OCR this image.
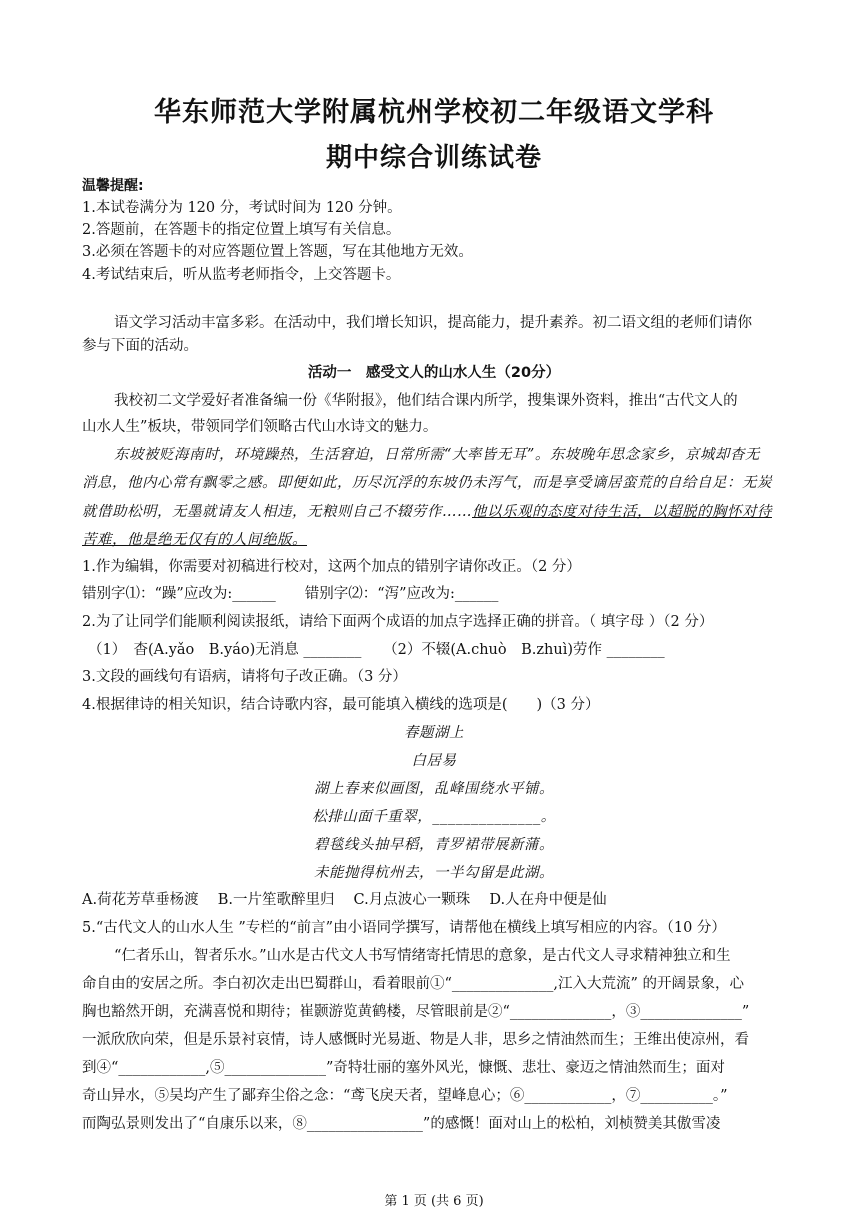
华东师范大学附属杭州学校初二年级语文学科
期中综合训练试卷
温馨提醒:
1.本试卷满分为 120 分，考试时间为 120 分钟。
2.答题前，在答题卡的指定位置上填写有关信息。
3.必须在答题卡的对应答题位置上答题，写在其他地方无效。
4.考试结束后，听从监考老师指令，上交答题卡。
语文学习活动丰富多彩。在活动中，我们增长知识，提高能力，提升素养。初二语文组的老师们请你
参与下面的活动。
活动一　感受文人的山水人生（20分）
我校初二文学爱好者准备编一份《华附报》，他们结合课内所学，搜集课外资料，推出“古代文人的
山水人生”板块，带领同学们领略古代山水诗文的魅力。
东坡被贬海南时，环境躁热，生活窘迫，日常所需“大率皆无耳”。东坡晚年思念家乡，京城却杳无
消息，他内心常有飘零之感。即便如此，历尽沉浮的东坡仍未泻气，而是享受谪居蛮荒的自给自足：无炭
就借助松明，无墨就请友人相违，无粮则自己不辍劳作……他以乐观的态度对待生活，以超脱的胸怀对待
苦难，他是绝无仅有的人间绝版。
1.作为编辑，你需要对初稿进行校对，这两个加点的错别字请你改正。（2 分）
错别字⑴：“躁”应改为:______　　错别字⑵：“泻”应改为:______
2.为了让同学们能顺利阅读报纸，请给下面两个成语的加点字选择正确的拼音。（ 填字母 ）（2 分）
（1）　杳(A.yǎo　B.yáo)无消息 ________　　（2）不辍(A.chuò　B.zhuì)劳作 ________
3.文段的画线句有语病，请将句子改正确。（3 分）
4.根据律诗的相关知识，结合诗歌内容，最可能填入横线的选项是(　　)（3 分）
春题湖上
白居易
湖上春来似画图，乱峰围绕水平铺。
松排山面千重翠，______________。
碧毯线头抽早稻，青罗裙带展新蒲。
未能抛得杭州去，一半勾留是此湖。
A.荷花芳草垂杨渡　 B.一片笙歌醉里归　 C.月点波心一颗珠　 D.人在舟中便是仙
5.“古代文人的山水人生 ”专栏的“前言”由小语同学撰写，请帮他在横线上填写相应的内容。（10 分）
“仁者乐山，智者乐水。”山水是古代文人书写情绪寄托情思的意象，是古代文人寻求精神独立和生
命自由的安居之所。李白初次走出巴蜀群山，看着眼前①“______________,江入大荒流” 的开阔景象，心
胸也豁然开朗，充满喜悦和期待；崔颢游览黄鹤楼，尽管眼前是②“______________，③______________”
一派欣欣向荣，但是乐景衬哀情，诗人感慨时光易逝、物是人非，思乡之情油然而生；王维出使凉州，看
到④“____________,⑤______________”奇特壮丽的塞外风光，慷慨、悲壮、豪迈之情油然而生；面对
奇山异水，⑤吴均产生了鄙弃尘俗之念：“鸢飞戾天者，望峰息心；⑥____________，⑦__________。”
而陶弘景则发出了“自康乐以来，⑧________________”的感慨！面对山上的松柏，刘桢赞美其傲雪凌
第 1 页 (共 6 页)
